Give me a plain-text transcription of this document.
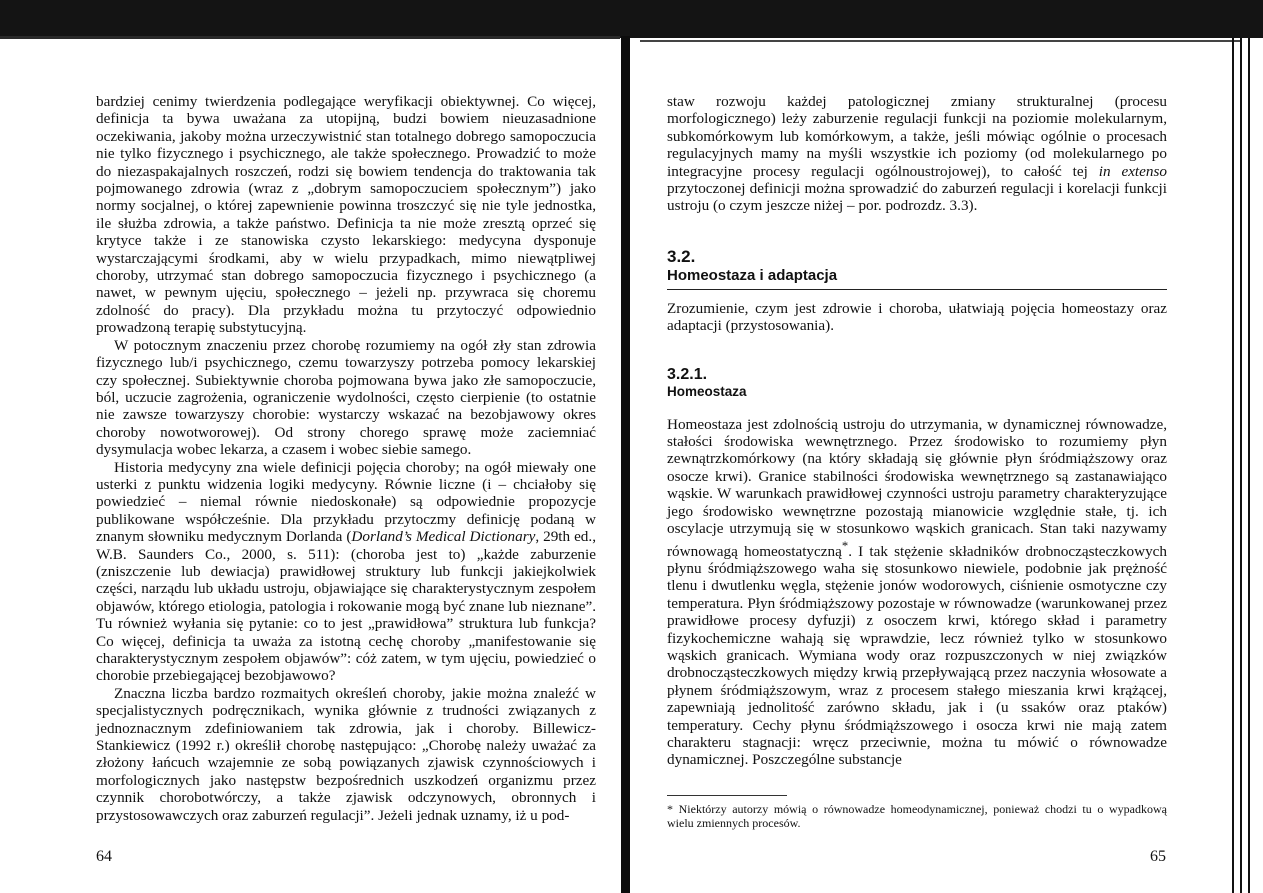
bardziej cenimy twierdzenia podlegające weryfikacji obiektywnej. Co więcej, definicja ta bywa uważana za utopijną, budzi bowiem nieuzasadnione oczekiwania, jakoby można urzeczywistnić stan totalnego dobrego samopoczucia nie tylko fizycznego i psychicznego, ale także społecznego. Prowadzić to może do niezaspakajalnych roszczeń, rodzi się bowiem tendencja do traktowania tak pojmowanego zdrowia (wraz z „dobrym samopoczuciem społecznym”) jako normy socjalnej, o której zapewnienie powinna troszczyć się nie tyle jednostka, ile służba zdrowia, a także państwo. Definicja ta nie może zresztą oprzeć się krytyce także i ze stanowiska czysto lekarskiego: medycyna dysponuje wystarczającymi środkami, aby w wielu przypadkach, mimo niewątpliwej choroby, utrzymać stan dobrego samopoczucia fizycznego i psychicznego (a nawet, w pewnym ujęciu, społecznego – jeżeli np. przywraca się choremu zdolność do pracy). Dla przykładu można tu przytoczyć odpowiednio prowadzoną terapię substytucyjną.

W potocznym znaczeniu przez chorobę rozumiemy na ogół zły stan zdrowia fizycznego lub/i psychicznego, czemu towarzyszy potrzeba pomocy lekarskiej czy społecznej. Subiektywnie choroba pojmowana bywa jako złe samopoczucie, ból, uczucie zagrożenia, ograniczenie wydolności, często cierpienie (to ostatnie nie zawsze towarzyszy chorobie: wystarczy wskazać na bezobjawowy okres choroby nowotworowej). Od strony chorego sprawę może zaciemniać dysymulacja wobec lekarza, a czasem i wobec siebie samego.

Historia medycyny zna wiele definicji pojęcia choroby; na ogół miewały one usterki z punktu widzenia logiki medycyny. Równie liczne (i – chciałoby się powiedzieć – niemal równie niedoskonałe) są odpowiednie propozycje publikowane współcześnie. Dla przykładu przytoczmy definicję podaną w znanym słowniku medycznym Dorlanda (Dorland’s Medical Dictionary, 29th ed., W.B. Saunders Co., 2000, s. 511): (choroba jest to) „każde zaburzenie (zniszczenie lub dewiacja) prawidłowej struktury lub funkcji jakiejkolwiek części, narządu lub układu ustroju, objawiające się charakterystycznym zespołem objawów, którego etiologia, patologia i rokowanie mogą być znane lub nieznane”. Tu również wyłania się pytanie: co to jest „prawidłowa” struktura lub funkcja? Co więcej, definicja ta uważa za istotną cechę choroby „manifestowanie się charakterystycznym zespołem objawów”: cóż zatem, w tym ujęciu, powiedzieć o chorobie przebiegającej bezobjawowo?

Znaczna liczba bardzo rozmaitych określeń choroby, jakie można znaleźć w specjalistycznych podręcznikach, wynika głównie z trudności związanych z jednoznacznym zdefiniowaniem tak zdrowia, jak i choroby. Billewicz-Stankiewicz (1992 r.) określił chorobę następująco: „Chorobę należy uważać za złożony łańcuch wzajemnie ze sobą powiązanych zjawisk czynnościowych i morfologicznych jako następstw bezpośrednich uszkodzeń organizmu przez czynnik chorobotwórczy, a także zjawisk odczynowych, obronnych i przystosowawczych oraz zaburzeń regulacji”. Jeżeli jednak uznamy, iż u pod-

64

staw rozwoju każdej patologicznej zmiany strukturalnej (procesu morfologicznego) leży zaburzenie regulacji funkcji na poziomie molekularnym, subkomórkowym lub komórkowym, a także, jeśli mówiąc ogólnie o procesach regulacyjnych mamy na myśli wszystkie ich poziomy (od molekularnego po integracyjne procesy regulacji ogólnoustrojowej), to całość tej in extenso przytoczonej definicji można sprowadzić do zaburzeń regulacji i korelacji funkcji ustroju (o czym jeszcze niżej – por. podrozdz. 3.3).

3.2.

Homeostaza i adaptacja

Zrozumienie, czym jest zdrowie i choroba, ułatwiają pojęcia homeostazy oraz adaptacji (przystosowania).

3.2.1.

Homeostaza

Homeostaza jest zdolnością ustroju do utrzymania, w dynamicznej równowadze, stałości środowiska wewnętrznego. Przez środowisko to rozumiemy płyn zewnątrzkomórkowy (na który składają się głównie płyn śródmiąższowy oraz osocze krwi). Granice stabilności środowiska wewnętrznego są zastanawiająco wąskie. W warunkach prawidłowej czynności ustroju parametry charakteryzujące jego środowisko wewnętrzne pozostają mianowicie względnie stałe, tj. ich oscylacje utrzymują się w stosunkowo wąskich granicach. Stan taki nazywamy równowagą homeostatyczną*. I tak stężenie składników drobnocząsteczkowych płynu śródmiąższowego waha się stosunkowo niewiele, podobnie jak prężność tlenu i dwutlenku węgla, stężenie jonów wodorowych, ciśnienie osmotyczne czy temperatura. Płyn śródmiąższowy pozostaje w równowadze (warunkowanej przez prawidłowe procesy dyfuzji) z osoczem krwi, którego skład i parametry fizykochemiczne wahają się wprawdzie, lecz również tylko w stosunkowo wąskich granicach. Wymiana wody oraz rozpuszczonych w niej związków drobnocząsteczkowych między krwią przepływającą przez naczynia włosowate a płynem śródmiąższowym, wraz z procesem stałego mieszania krwi krążącej, zapewniają jednolitość zarówno składu, jak i (u ssaków oraz ptaków) temperatury. Cechy płynu śródmiąższowego i osocza krwi nie mają zatem charakteru stagnacji: wręcz przeciwnie, można tu mówić o równowadze dynamicznej. Poszczególne substancje

* Niektórzy autorzy mówią o równowadze homeodynamicznej, ponieważ chodzi tu o wypadkową wielu zmiennych procesów.

65
